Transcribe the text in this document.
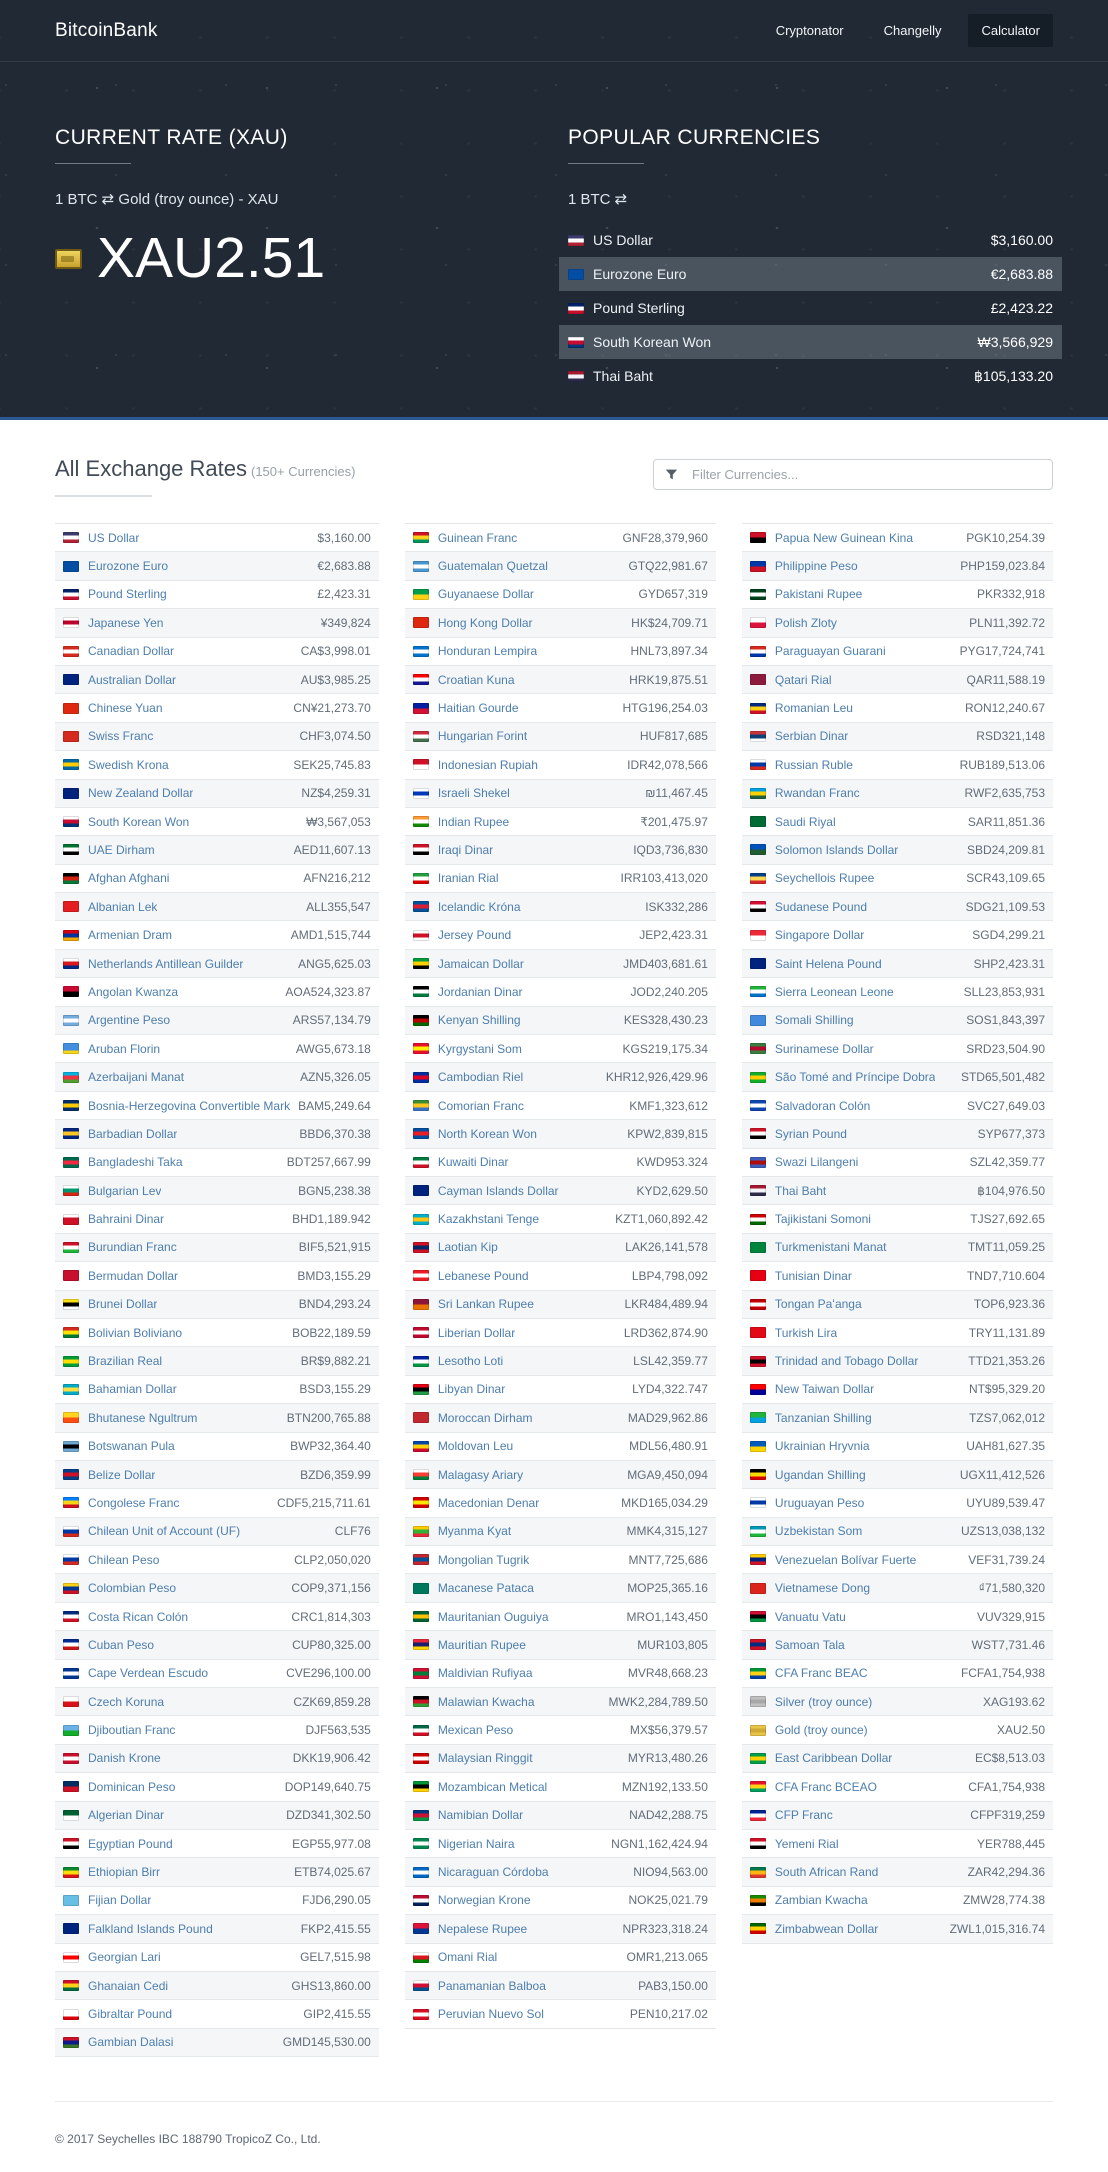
BitcoinBank	Cryptonator	Changelly	Calculator
CURRENT RATE (XAU)

1 BTC ⇄ Gold (troy ounce) - XAU

XAU2.51
POPULAR CURRENCIES

1 BTC ⇄

US Dollar	$3,160.00
Eurozone Euro	€2,683.88
Pound Sterling	£2,423.22
South Korean Won	₩3,566,929
Thai Baht	฿105,133.20
All Exchange Rates (150+ Currencies)
Filter Currencies...
US Dollar	$3,160.00
Eurozone Euro	€2,683.88
Pound Sterling	£2,423.31
Japanese Yen	¥349,824
Canadian Dollar	CA$3,998.01
Australian Dollar	AU$3,985.25
Chinese Yuan	CN¥21,273.70
Swiss Franc	CHF3,074.50
Swedish Krona	SEK25,745.83
New Zealand Dollar	NZ$4,259.31
South Korean Won	₩3,567,053
UAE Dirham	AED11,607.13
Afghan Afghani	AFN216,212
Albanian Lek	ALL355,547
Armenian Dram	AMD1,515,744
Netherlands Antillean Guilder	ANG5,625.03
Angolan Kwanza	AOA524,323.87
Argentine Peso	ARS57,134.79
Aruban Florin	AWG5,673.18
Azerbaijani Manat	AZN5,326.05
Bosnia-Herzegovina Convertible Mark BAM5,249.64
Barbadian Dollar	BBD6,370.38
Bangladeshi Taka	BDT257,667.99
Bulgarian Lev	BGN5,238.38
Bahraini Dinar	BHD1,189.942
Burundian Franc	BIF5,521,915
Bermudan Dollar	BMD3,155.29
Brunei Dollar	BND4,293.24
Bolivian Boliviano	BOB22,189.59
Brazilian Real	BR$9,882.21
Bahamian Dollar	BSD3,155.29
Bhutanese Ngultrum	BTN200,765.88
Botswanan Pula	BWP32,364.40
Belize Dollar	BZD6,359.99
Congolese Franc	CDF5,215,711.61
Chilean Unit of Account (UF)	CLF76
Chilean Peso	CLP2,050,020
Colombian Peso	COP9,371,156
Costa Rican Colón	CRC1,814,303
Cuban Peso	CUP80,325.00
Cape Verdean Escudo	CVE296,100.00
Czech Koruna	CZK69,859.28
Djiboutian Franc	DJF563,535
Danish Krone	DKK19,906.42
Dominican Peso	DOP149,640.75
Algerian Dinar	DZD341,302.50
Egyptian Pound	EGP55,977.08
Ethiopian Birr	ETB74,025.67
Fijian Dollar	FJD6,290.05
Falkland Islands Pound	FKP2,415.55
Georgian Lari	GEL7,515.98
Ghanaian Cedi	GHS13,860.00
Gibraltar Pound	GIP2,415.55
Gambian Dalasi	GMD145,530.00
Guinean Franc	GNF28,379,960
Guatemalan Quetzal	GTQ22,981.67
Guyanaese Dollar	GYD657,319
Hong Kong Dollar	HK$24,709.71
Honduran Lempira	HNL73,897.34
Croatian Kuna	HRK19,875.51
Haitian Gourde	HTG196,254.03
Hungarian Forint	HUF817,685
Indonesian Rupiah	IDR42,078,566
Israeli Shekel	₪11,467.45
Indian Rupee	₹201,475.97
Iraqi Dinar	IQD3,736,830
Iranian Rial	IRR103,413,020
Icelandic Króna	ISK332,286
Jersey Pound	JEP2,423.31
Jamaican Dollar	JMD403,681.61
Jordanian Dinar	JOD2,240.205
Kenyan Shilling	KES328,430.23
Kyrgystani Som	KGS219,175.34
Cambodian Riel	KHR12,926,429.96
Comorian Franc	KMF1,323,612
North Korean Won	KPW2,839,815
Kuwaiti Dinar	KWD953.324
Cayman Islands Dollar	KYD2,629.50
Kazakhstani Tenge	KZT1,060,892.42
Laotian Kip	LAK26,141,578
Lebanese Pound	LBP4,798,092
Sri Lankan Rupee	LKR484,489.94
Liberian Dollar	LRD362,874.90
Lesotho Loti	LSL42,359.77
Libyan Dinar	LYD4,322.747
Moroccan Dirham	MAD29,962.86
Moldovan Leu	MDL56,480.91
Malagasy Ariary	MGA9,450,094
Macedonian Denar	MKD165,034.29
Myanma Kyat	MMK4,315,127
Mongolian Tugrik	MNT7,725,686
Macanese Pataca	MOP25,365.16
Mauritanian Ouguiya	MRO1,143,450
Mauritian Rupee	MUR103,805
Maldivian Rufiyaa	MVR48,668.23
Malawian Kwacha	MWK2,284,789.50
Mexican Peso	MX$56,379.57
Malaysian Ringgit	MYR13,480.26
Mozambican Metical	MZN192,133.50
Namibian Dollar	NAD42,288.75
Nigerian Naira	NGN1,162,424.94
Nicaraguan Córdoba	NIO94,563.00
Norwegian Krone	NOK25,021.79
Nepalese Rupee	NPR323,318.24
Omani Rial	OMR1,213.065
Panamanian Balboa	PAB3,150.00
Peruvian Nuevo Sol	PEN10,217.02
Papua New Guinean Kina	PGK10,254.39
Philippine Peso	PHP159,023.84
Pakistani Rupee	PKR332,918
Polish Zloty	PLN11,392.72
Paraguayan Guarani	PYG17,724,741
Qatari Rial	QAR11,588.19
Romanian Leu	RON12,240.67
Serbian Dinar	RSD321,148
Russian Ruble	RUB189,513.06
Rwandan Franc	RWF2,635,753
Saudi Riyal	SAR11,851.36
Solomon Islands Dollar	SBD24,209.81
Seychellois Rupee	SCR43,109.65
Sudanese Pound	SDG21,109.53
Singapore Dollar	SGD4,299.21
Saint Helena Pound	SHP2,423.31
Sierra Leonean Leone	SLL23,853,931
Somali Shilling	SOS1,843,397
Surinamese Dollar	SRD23,504.90
São Tomé and Príncipe Dobra	STD65,501,482
Salvadoran Colón	SVC27,649.03
Syrian Pound	SYP677,373
Swazi Lilangeni	SZL42,359.77
Thai Baht	฿104,976.50
Tajikistani Somoni	TJS27,692.65
Turkmenistani Manat	TMT11,059.25
Tunisian Dinar	TND7,710.604
Tongan Paʻanga	TOP6,923.36
Turkish Lira	TRY11,131.89
Trinidad and Tobago Dollar	TTD21,353.26
New Taiwan Dollar	NT$95,329.20
Tanzanian Shilling	TZS7,062,012
Ukrainian Hryvnia	UAH81,627.35
Ugandan Shilling	UGX11,412,526
Uruguayan Peso	UYU89,539.47
Uzbekistan Som	UZS13,038,132
Venezuelan Bolívar Fuerte	VEF31,739.24
Vietnamese Dong	₫71,580,320
Vanuatu Vatu	VUV329,915
Samoan Tala	WST7,731.46
CFA Franc BEAC	FCFA1,754,938
Silver (troy ounce)	XAG193.62
Gold (troy ounce)	XAU2.50
East Caribbean Dollar	EC$8,513.03
CFA Franc BCEAO	CFA1,754,938
CFP Franc	CFPF319,259
Yemeni Rial	YER788,445
South African Rand	ZAR42,294.36
Zambian Kwacha	ZMW28,774.38
Zimbabwean Dollar	ZWL1,015,316.74

© 2017 Seychelles IBC 188790 TropicoZ Co., Ltd.
